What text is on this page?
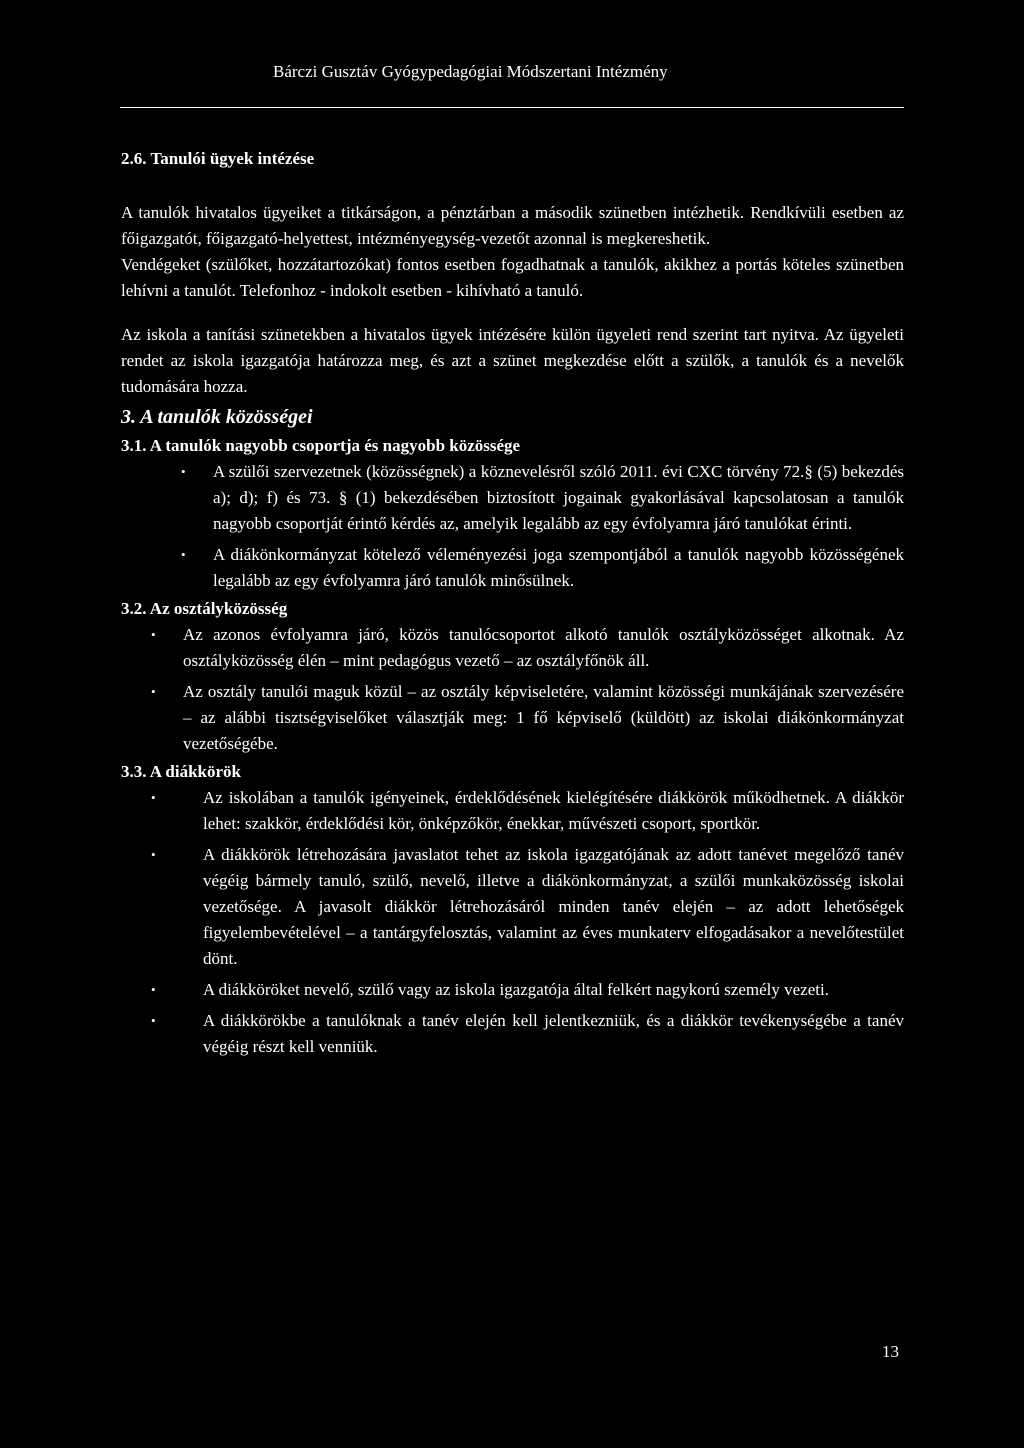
Bárczi Gusztáv Gyógypedagógiai Módszertani Intézmény
2.6. Tanulói ügyek intézése

A tanulók hivatalos ügyeiket a titkárságon, a pénztárban a második szünetben intézhetik. Rendkívüli esetben az főigazgatót, főigazgató-helyettest, intézményegység-vezetőt azonnal is megkereshetik.

Vendégeket (szülőket, hozzátartozókat) fontos esetben fogadhatnak a tanulók, akikhez a portás köteles szünetben lehívni a tanulót. Telefonhoz - indokolt esetben - kihívható a tanuló.

Az iskola a tanítási szünetekben a hivatalos ügyek intézésére külön ügyeleti rend szerint tart nyitva. Az ügyeleti rendet az iskola igazgatója határozza meg, és azt a szünet megkezdése előtt a szülők, a tanulók és a nevelők tudomására hozza.

3. A tanulók közösségei
3.1. A tanulók nagyobb csoportja és nagyobb közössége
• A szülői szervezetnek (közösségnek) a köznevelésről szóló 2011. évi CXC törvény 72.§ (5) bekezdés a); d); f) és 73. § (1) bekezdésében biztosított jogainak gyakorlásával kapcsolatosan a tanulók nagyobb csoportját érintő kérdés az, amelyik legalább az egy évfolyamra járó tanulókat érinti.
• A diákönkormányzat kötelező véleményezési joga szempontjából a tanulók nagyobb közösségének legalább az egy évfolyamra járó tanulók minősülnek.
3.2. Az osztályközösség
• Az azonos évfolyamra járó, közös tanulócsoportot alkotó tanulók osztályközösséget alkotnak. Az osztályközösség élén – mint pedagógus vezető – az osztályfőnök áll.
• Az osztály tanulói maguk közül – az osztály képviseletére, valamint közösségi munkájának szervezésére – az alábbi tisztségviselőket választják meg: 1 fő képviselő (küldött) az iskolai diákönkormányzat vezetőségébe.
3.3. A diákkörök
•	Az iskolában a tanulók igényeinek, érdeklődésének kielégítésére diákkörök működhetnek. A diákkör lehet: szakkör, érdeklődési kör, önképzőkör, énekkar, művészeti csoport, sportkör.
•	A diákkörök létrehozására javaslatot tehet az iskola igazgatójának az adott tanévet megelőző tanév végéig bármely tanuló, szülő, nevelő, illetve a diákönkormányzat, a szülői munkaközösség iskolai vezetősége. A javasolt diákkör létrehozásáról minden tanév elején – az adott lehetőségek figyelembevételével – a tantárgyfelosztás, valamint az éves munkaterv elfogadásakor a nevelőtestület dönt.
•	A diákköröket nevelő, szülő vagy az iskola igazgatója által felkért nagykorú személy vezeti.
•	A diákkörökbe a tanulóknak a tanév elején kell jelentkezniük, és a diákkör tevékenységébe a tanév végéig részt kell venniük.
13
